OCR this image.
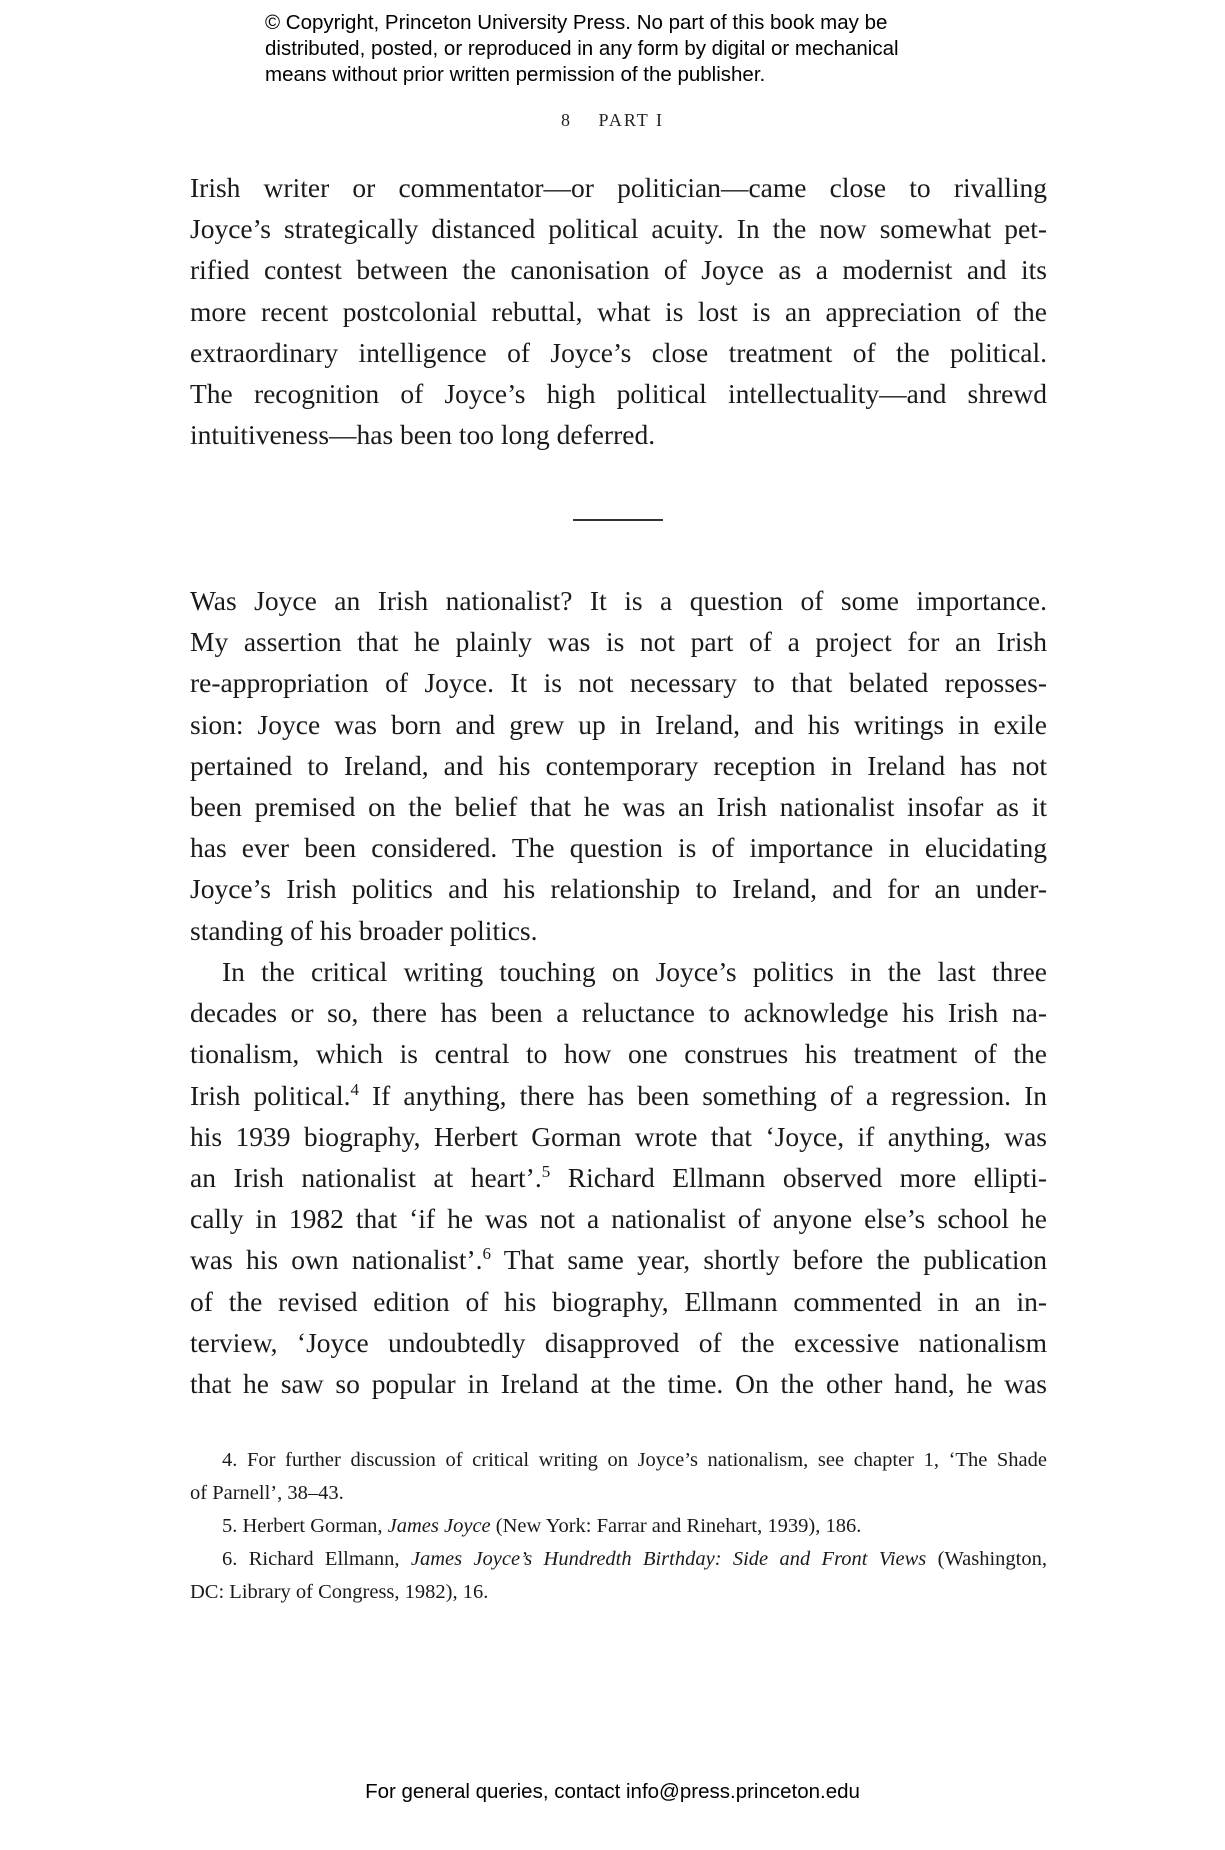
© Copyright, Princeton University Press. No part of this book may be
distributed, posted, or reproduced in any form by digital or mechanical
means without prior written permission of the publisher.
8 PART I
Irish writer or commentator—or politician—came close to rivalling
Joyce’s strategically distanced political acuity. In the now somewhat pet-
rified contest between the canonisation of Joyce as a modernist and its
more recent postcolonial rebuttal, what is lost is an appreciation of the
extraordinary intelligence of Joyce’s close treatment of the political.
The recognition of Joyce’s high political intellectuality—and shrewd
intuitiveness—has been too long deferred.
Was Joyce an Irish nationalist? It is a question of some importance.
My assertion that he plainly was is not part of a project for an Irish
re-appropriation of Joyce. It is not necessary to that belated reposses-
sion: Joyce was born and grew up in Ireland, and his writings in exile
pertained to Ireland, and his contemporary reception in Ireland has not
been premised on the belief that he was an Irish nationalist insofar as it
has ever been considered. The question is of importance in elucidating
Joyce’s Irish politics and his relationship to Ireland, and for an under-
standing of his broader politics.
In the critical writing touching on Joyce’s politics in the last three
decades or so, there has been a reluctance to acknowledge his Irish na-
tionalism, which is central to how one construes his treatment of the
Irish political.$^4$ If anything, there has been something of a regression. In
his 1939 biography, Herbert Gorman wrote that ‘Joyce, if anything, was
an Irish nationalist at heart’.$^5$ Richard Ellmann observed more ellipti-
cally in 1982 that ‘if he was not a nationalist of anyone else’s school he
was his own nationalist’.$^6$ That same year, shortly before the publication
of the revised edition of his biography, Ellmann commented in an in-
terview, ‘Joyce undoubtedly disapproved of the excessive nationalism
that he saw so popular in Ireland at the time. On the other hand, he was
4. For further discussion of critical writing on Joyce’s nationalism, see chapter 1, ‘The Shade
of Parnell’, 38–43.
5. Herbert Gorman, James Joyce (New York: Farrar and Rinehart, 1939), 186.
6. Richard Ellmann, James Joyce’s Hundredth Birthday: Side and Front Views (Washington,
DC: Library of Congress, 1982), 16.
For general queries, contact info@press.princeton.edu
